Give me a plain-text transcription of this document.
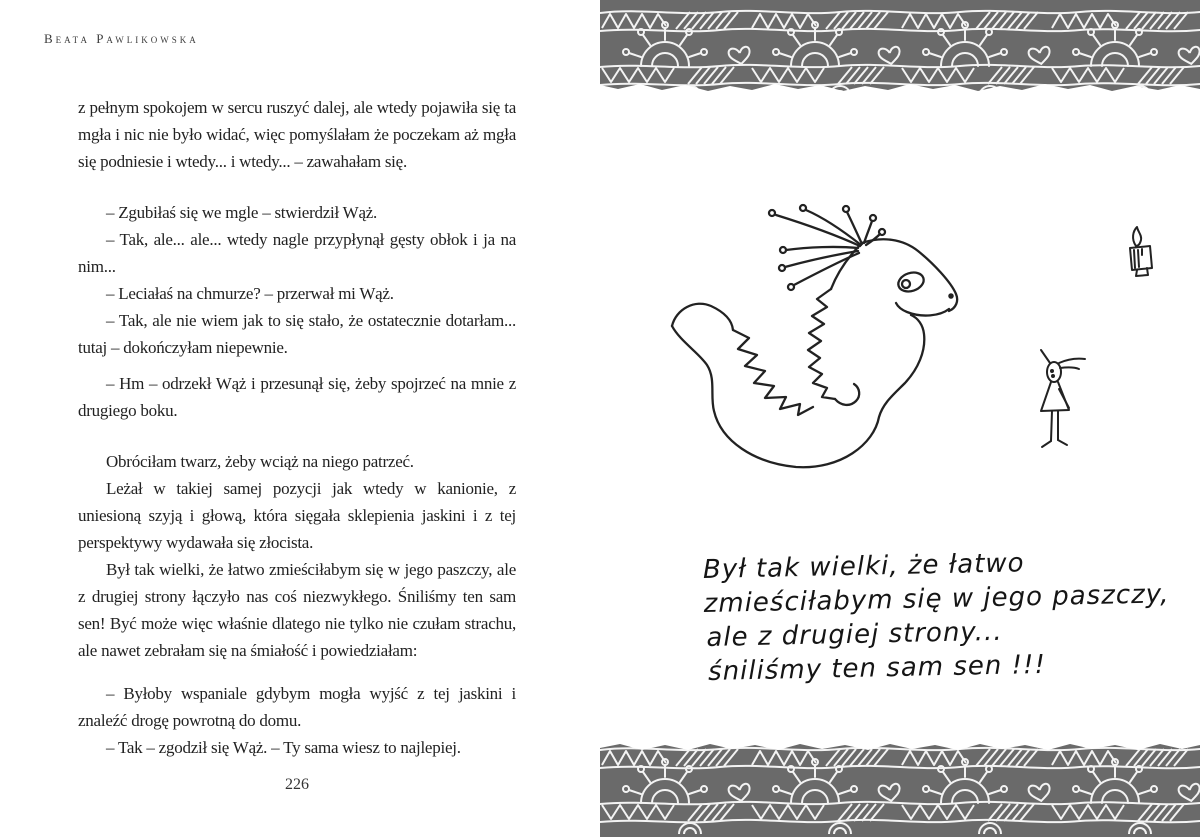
Beata Pawlikowska

z pełnym spokojem w sercu ruszyć dalej, ale wtedy pojawiła się ta mgła i nic nie było widać, więc pomyślałam że poczekam aż mgła się podniesie i wtedy... i wtedy... – zawahałam się.

– Zgubiłaś się we mgle – stwierdził Wąż.

– Tak, ale... ale... wtedy nagle przypłynął gęsty obłok i ja na nim...

– Leciałaś na chmurze? – przerwał mi Wąż.

– Tak, ale nie wiem jak to się stało, że ostatecznie dotarłam... tutaj – dokończyłam niepewnie.

– Hm – odrzekł Wąż i przesunął się, żeby spojrzeć na mnie z drugiego boku.

Obróciłam twarz, żeby wciąż na niego patrzeć.

Leżał w takiej samej pozycji jak wtedy w kanionie, z uniesioną szyją i głową, która sięgała sklepienia jaskini i z tej perspektywy wydawała się złocista.

Był tak wielki, że łatwo zmieściłabym się w jego paszczy, ale z drugiej strony łączyło nas coś niezwykłego. Śniliśmy ten sam sen! Być może więc właśnie dlatego nie tylko nie czułam strachu, ale nawet zebrałam się na śmiałość i powiedziałam:

– Byłoby wspaniale gdybym mogła wyjść z tej jaskini i znaleźć drogę powrotną do domu.

– Tak – zgodził się Wąż. – Ty sama wiesz to najlepiej.

226
Był tak wielki, że łatwo
zmieściłabym się w jego paszczy,
ale z drugiej strony...
śniliśmy ten sam sen !!!
